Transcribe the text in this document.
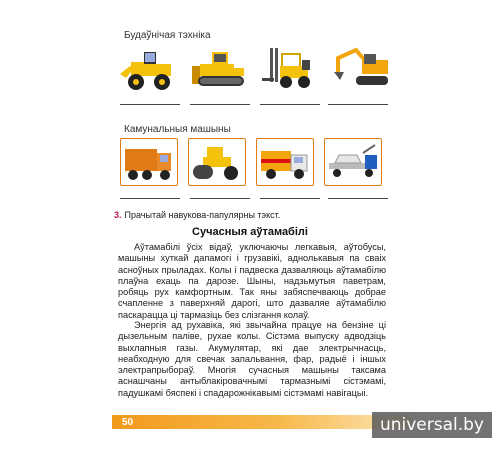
Будаўнічая тэхніка
Камунальныя машыны
3. Прачытай навукова-папулярны тэкст.
Сучасныя аўтамабілі
Аўтамабілі ўсіх відаў, уключаючы легкавыя, аўтобусы, машыны хуткай дапамогі і грузавікі, аднолькавыя па сваіх асноўных прыладах. Колы і падвеска дазваляюць аўтамабілю плаўна ехаць па дарозе. Шыны, надзьмутыя паветрам, робяць рух камфортным. Так яны забяспечваюць добрае счапленне з паверхняй дарогі, што дазваляе аўтамабілю паскарацца ці тармазіць без слізгання колаў.
Энергія ад рухавіка, які звычайна працуе на бензіне ці дызельным паліве, рухае колы. Сістэма выпуску адводзіць выхлапныя газы. Акумулятар, які дае электрычнасць, неабходную для свечак запальвання, фар, радыё і іншых электрапрыбораў. Многія сучасныя машыны таксама аснашчаны антыблакіровачнымі тармазнымі сістэмамі, падушкамі бяспекі і спадарожнікавымі сістэмамі навігацыі.
50	universal.by
